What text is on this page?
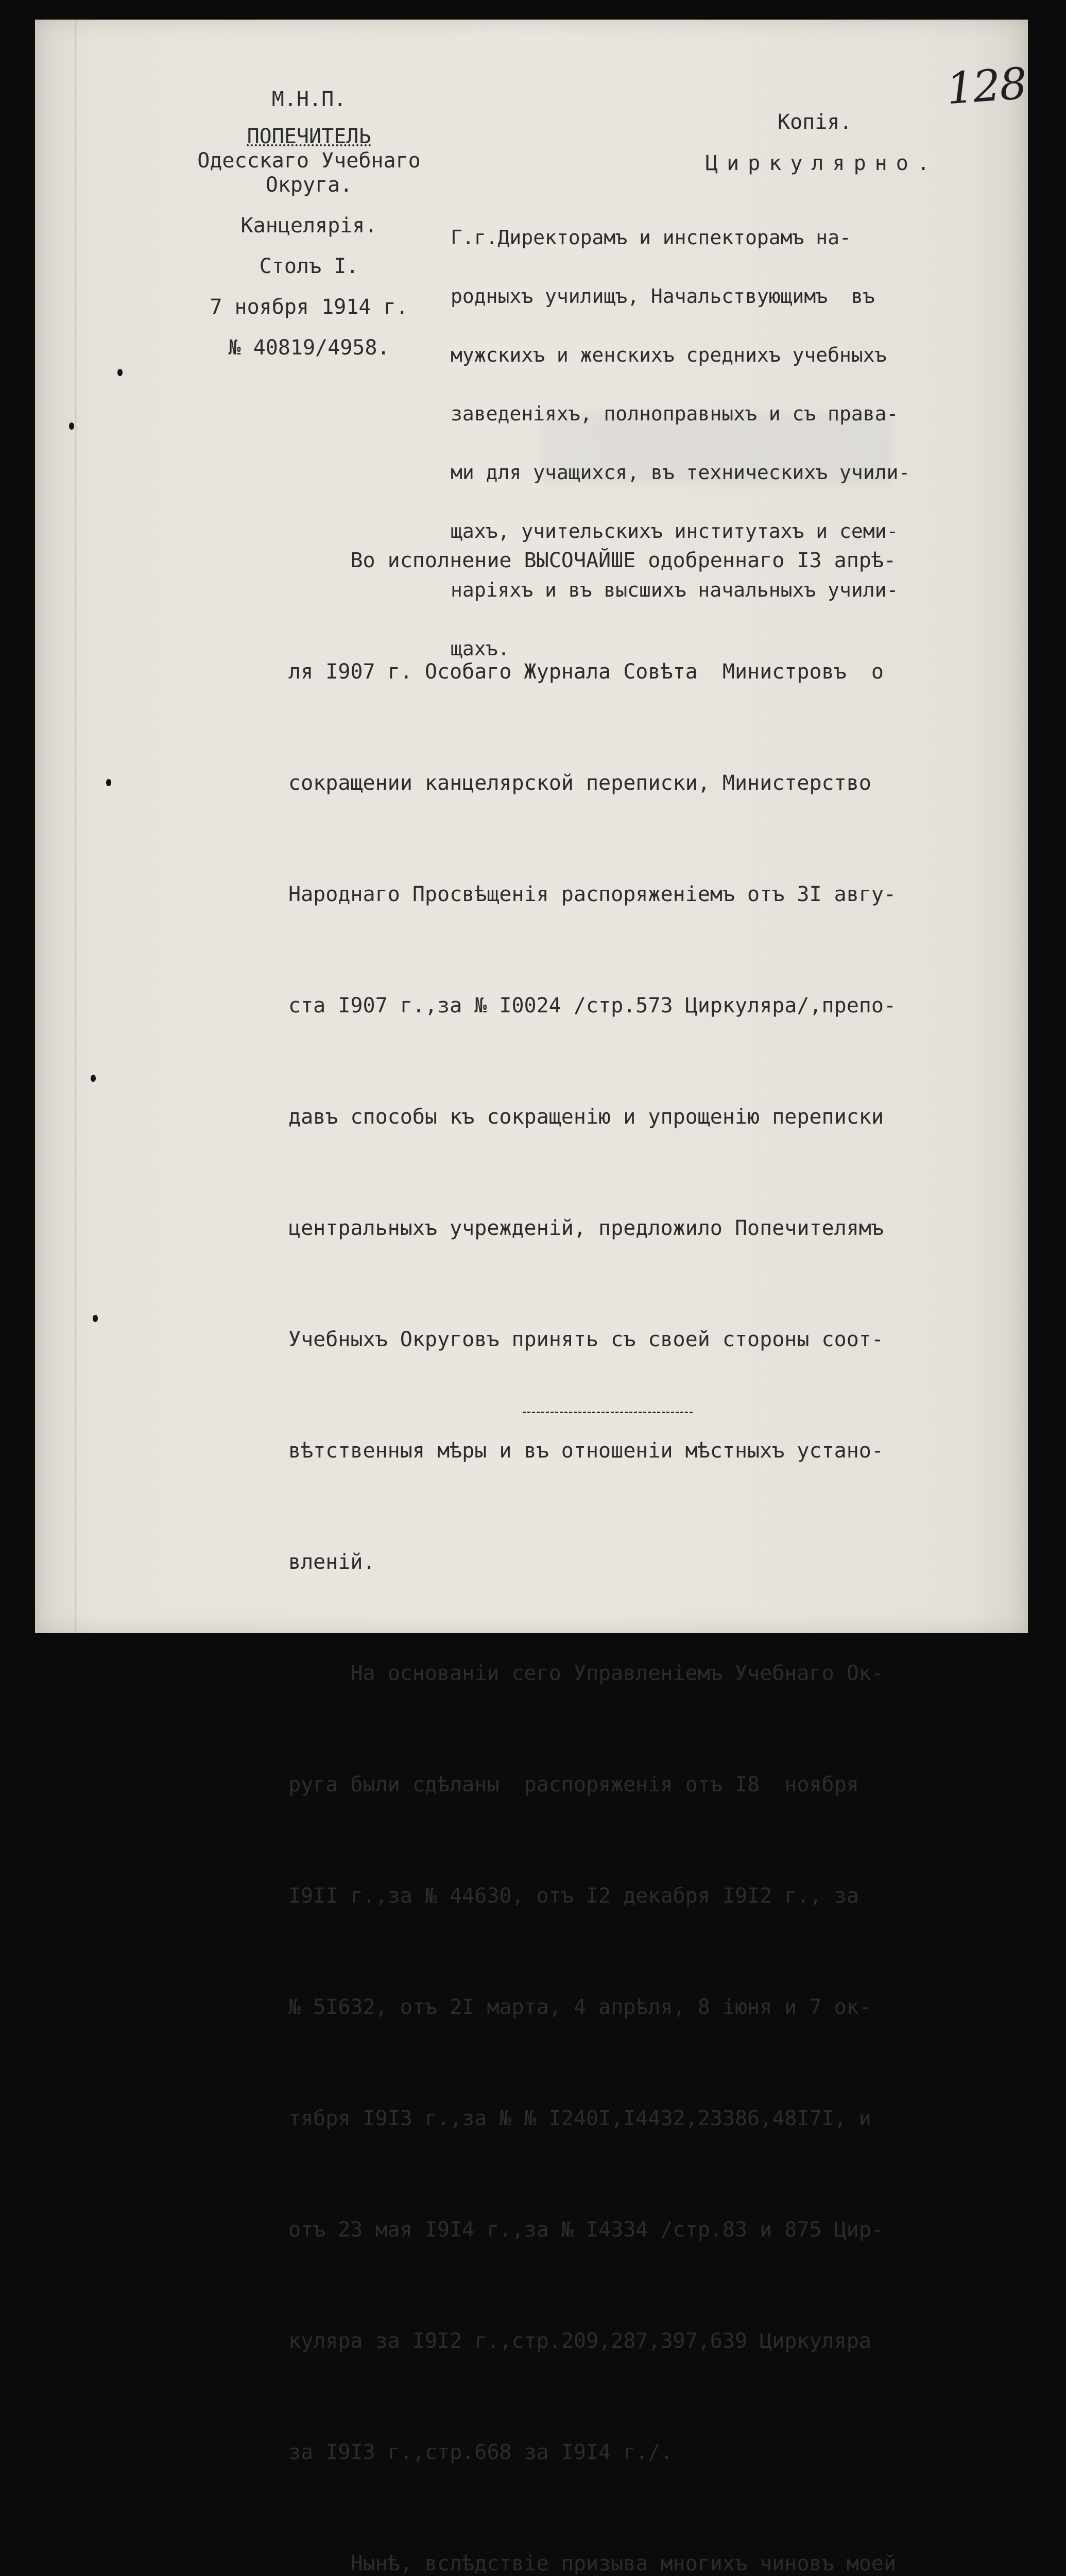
128
М.Н.П.
ПОПЕЧИТЕЛЬ
Одесскаго Учебнаго
Округа.
Канцелярія.
Столъ I.
7 ноября 1914 г.
№ 40819/4958.
Копія.
Циркулярно.

Г.г.Директорамъ и инспекторамъ на-

родныхъ училищъ, Начальствующимъ  въ

мужскихъ и женскихъ среднихъ учебныхъ

заведеніяхъ, полноправныхъ и съ права-

ми для учащихся, въ техническихъ учили-

щахъ, учительскихъ институтахъ и семи-

наріяхъ и въ высшихъ начальныхъ учили-

щахъ.

Во исполнение ВЫСОЧАЙШЕ одобреннаго I3 апрѣ-

ля I907 г. Особаго Журнала Совѣта  Министровъ  о

сокращении канцелярской переписки, Министерство

Народнаго Просвѣщенія распоряженіемъ отъ 3I авгу-

ста I907 г.,за № I0024 /стр.573 Циркуляра/,препо-

давъ способы къ сокращенію и упрощенію переписки

центральныхъ учрежденій, предложило Попечителямъ

Учебныхъ Округовъ принять съ своей стороны соот-

вѣтственныя мѣры и въ отношеніи мѣстныхъ устано-

вленій.

На основаніи сего Управленіемъ Учебнаго Ок-

руга были сдѣланы  распоряженія отъ I8  ноября

I9II г.,за № 44630, отъ I2 декабря I9I2 г., за

№ 5I632, отъ 2I марта, 4 апрѣля, 8 іюня и 7 ок-

тября I9I3 г.,за № № I240I,I4432,23386,48I7I, и

отъ 23 мая I9I4 г.,за № I4334 /стр.83 и 875 Цир-

куляра за I9I2 г.,стр.209,287,397,639 Циркуляра

за I9I3 г.,стр.668 за I9I4 г./.

Нынѣ, вслѣдствіе призыва многихъ чиновъ моей
